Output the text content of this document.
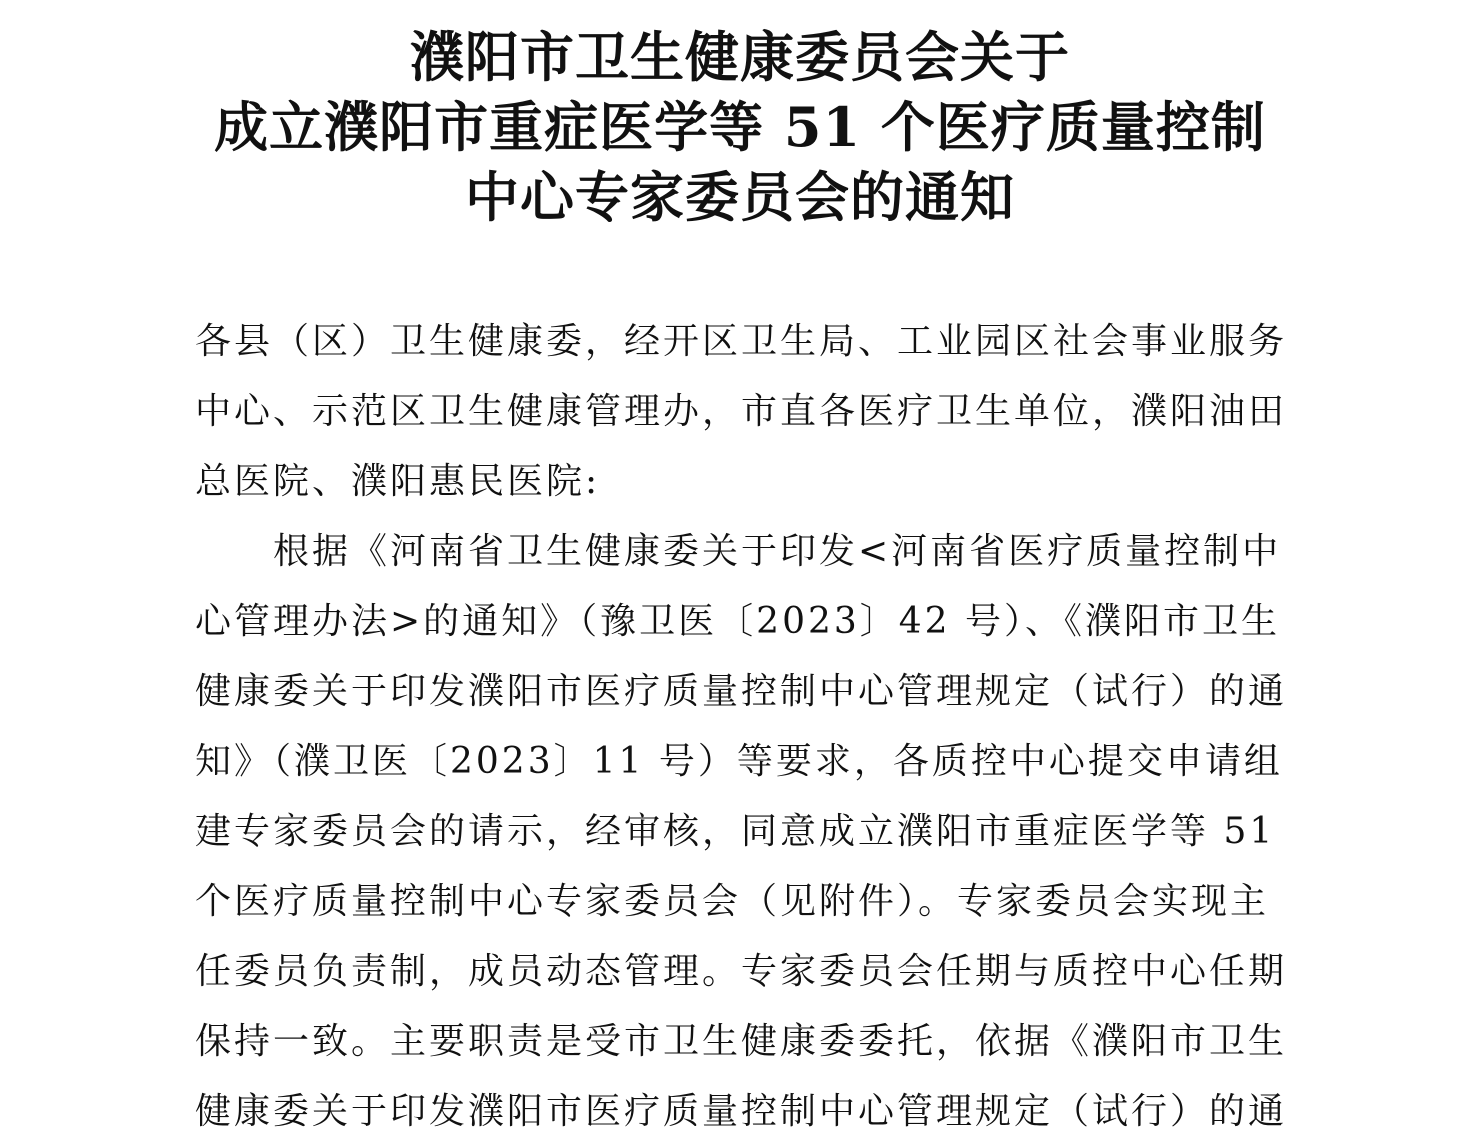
濮阳市卫生健康委员会关于
成立濮阳市重症医学等 51 个医疗质量控制
中心专家委员会的通知
各县（区）卫生健康委，经开区卫生局、工业园区社会事业服务
中心、示范区卫生健康管理办，市直各医疗卫生单位，濮阳油田
总医院、濮阳惠民医院:
根据《河南省卫生健康委关于印发<河南省医疗质量控制中
心管理办法>的通知》（豫卫医〔2023〕42 号）、《濮阳市卫生
健康委关于印发濮阳市医疗质量控制中心管理规定（试行）的通
知》（濮卫医〔2023〕11 号）等要求，各质控中心提交申请组
建专家委员会的请示，经审核，同意成立濮阳市重症医学等 51
个医疗质量控制中心专家委员会（见附件）。专家委员会实现主
任委员负责制，成员动态管理。专家委员会任期与质控中心任期
保持一致。主要职责是受市卫生健康委委托，依据《濮阳市卫生
健康委关于印发濮阳市医疗质量控制中心管理规定（试行）的通
